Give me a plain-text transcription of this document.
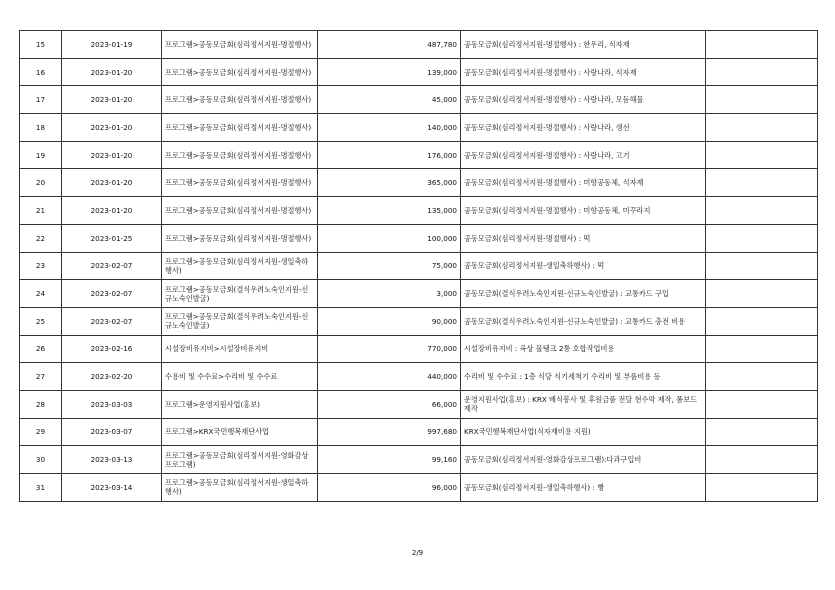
15	2023-01-19	프로그램>공동모금회(심리정서지원-명절행사)	487,780	공동모금회(심리정서지원-명절행사) : 한우리, 식자재	
16	2023-01-20	프로그램>공동모금회(심리정서지원-명절행사)	139,000	공동모금회(심리정서지원-명절행사) : 사랑나라, 식자재	
17	2023-01-20	프로그램>공동모금회(심리정서지원-명절행사)	45,000	공동모금회(심리정서지원-명절행사) : 사랑나라, 모듬해물	
18	2023-01-20	프로그램>공동모금회(심리정서지원-명절행사)	140,000	공동모금회(심리정서지원-명절행사) : 사랑나라, 생선	
19	2023-01-20	프로그램>공동모금회(심리정서지원-명절행사)	176,000	공동모금회(심리정서지원-명절행사) : 사랑나라, 고기	
20	2023-01-20	프로그램>공동모금회(심리정서지원-명절행사)	365,000	공동모금회(심리정서지원-명절행사) : 미향공동체, 식자재	
21	2023-01-20	프로그램>공동모금회(심리정서지원-명절행사)	135,000	공동모금회(심리정서지원-명절행사) : 미향공동체, 미꾸라지	
22	2023-01-25	프로그램>공동모금회(심리정서지원-명절행사)	100,000	공동모금회(심리정서지원-명절행사) : 떡	
23	2023-02-07	프로그램>공동모금회(심리정서지원-생일축하행사)	75,000	공동모금회(심리정서지원-생일축하행사) : 떡	
24	2023-02-07	프로그램>공동모금회(결식우려노숙인지원-신규노숙인발굴)	3,000	공동모금회(결식우려노숙인지원-신규노숙인발굴) : 교통카드 구입	
25	2023-02-07	프로그램>공동모금회(결식우려노숙인지원-신규노숙인발굴)	90,000	공동모금회(결식우려노숙인지원-신규노숙인발굴) : 교통카드 충전 비용	
26	2023-02-16	시설장비유지비>시설장비유지비	770,000	시설장비유지비 : 옥상 물탱크 2통 호합작업비용	
27	2023-02-20	수용비 및 수수료>수리비 및 수수료	440,000	수리비 및 수수료 : 1층 식당 식기세척기 수리비 및 부품비용 등	
28	2023-03-03	프로그램>운영지원사업(홍보)	66,000	운영지원사업(홍보) : KRX 배식봉사 및 후원금품 전달 현수막 제작, 폼보드 제작	
29	2023-03-07	프로그램>KRX국민행복재단사업	997,680	KRX국민행복재단사업(식자재비용 지원)	
30	2023-03-13	프로그램>공동모금회(심리정서지원-영화감상프로그램)	99,160	공동모금회(심리정서지원-영화감상프로그램):다과구입비	
31	2023-03-14	프로그램>공동모금회(심리정서지원-생일축하행사)	96,000	공동모금회(심리정서지원-생일축하행사) : 빵	
2/9
